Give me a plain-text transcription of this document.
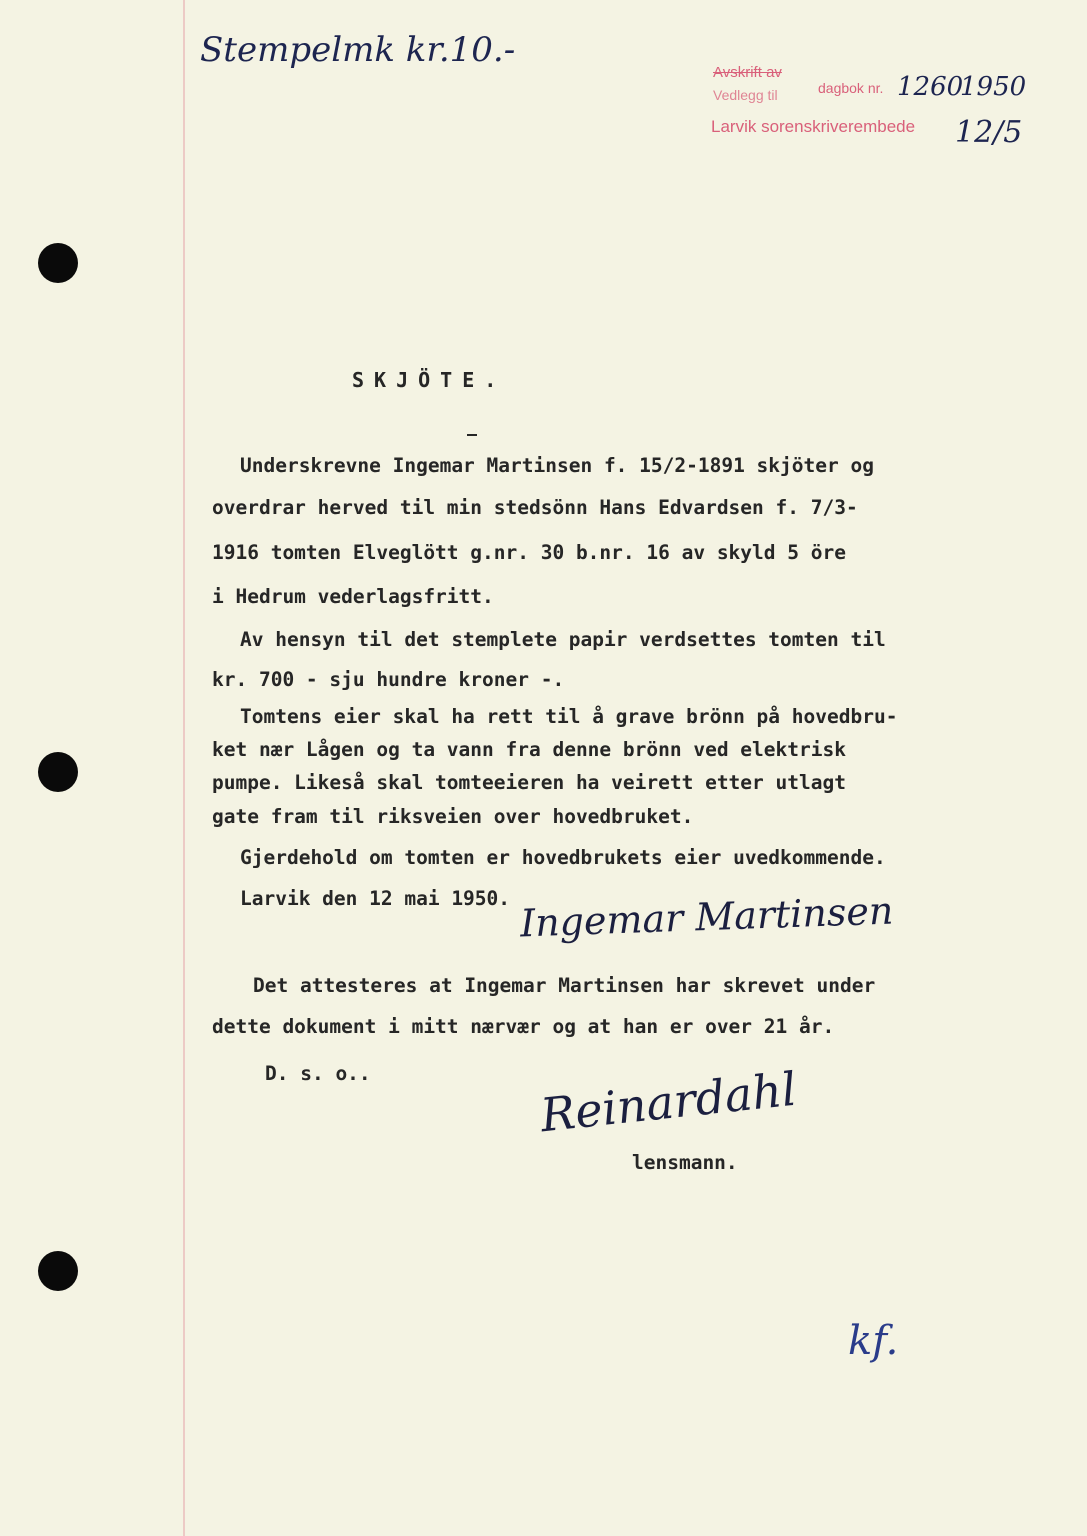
Stempelmk kr.10.-
Avskrift av
dagbok nr.
Vedlegg til
Larvik sorenskriverembede
1260
1950
12/5
SKJÖTE.
Underskrevne Ingemar Martinsen f. 15/2-1891 skjöter og
overdrar herved til min stedsönn Hans Edvardsen f. 7/3-
1916 tomten Elveglött g.nr. 30 b.nr. 16 av skyld 5 öre
i Hedrum vederlagsfritt.
Av hensyn til det stemplete papir verdsettes tomten til
kr. 700 - sju hundre kroner -.
Tomtens eier skal ha rett til å grave brönn på hovedbru-
ket nær Lågen og ta vann fra denne brönn ved elektrisk
pumpe. Likeså skal tomteeieren ha veirett etter utlagt
gate fram til riksveien over hovedbruket.
Gjerdehold om tomten er hovedbrukets eier uvedkommende.
Larvik den 12 mai 1950. Ingemar Martinsen
Det attesteres at Ingemar Martinsen har skrevet under
dette dokument i mitt nærvær og at han er over 21 år.
D. s. o..	Reinardahl
lensmann.
kf.
